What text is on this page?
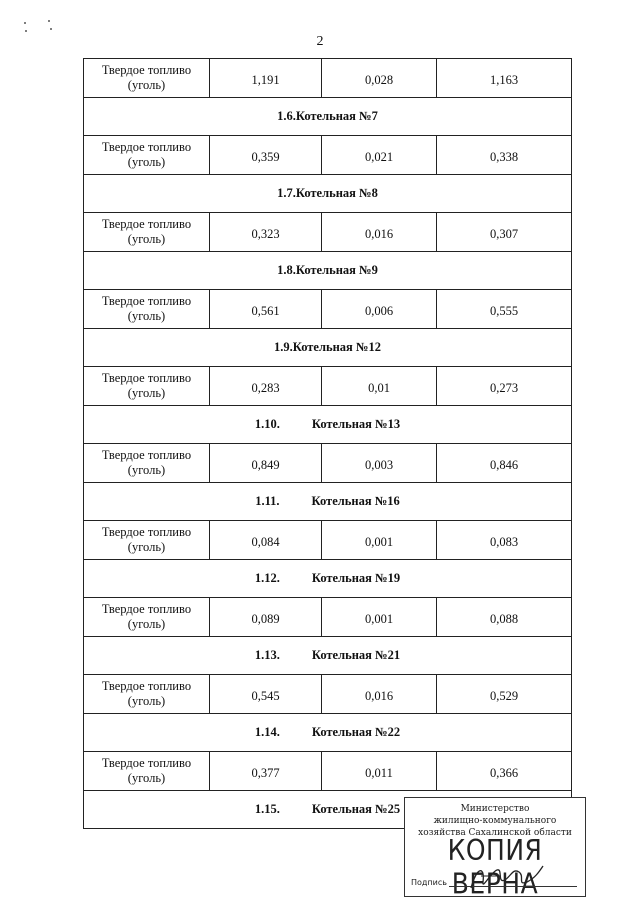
2
Твердое топливо
(уголь)	1,191	0,028	1,163
1.6.Котельная №7			
Твердое топливо
(уголь)	0,359	0,021	0,338
1.7.Котельная №8			
Твердое топливо
(уголь)	0,323	0,016	0,307
1.8.Котельная №9			
Твердое топливо
(уголь)	0,561	0,006	0,555
1.9.Котельная №12			
Твердое топливо
(уголь)	0,283	0,01	0,273
1.10. Котельная №13			
Твердое топливо
(уголь)	0,849	0,003	0,846
1.11. Котельная №16			
Твердое топливо
(уголь)	0,084	0,001	0,083
1.12. Котельная №19			
Твердое топливо
(уголь)	0,089	0,001	0,088
1.13. Котельная №21			
Твердое топливо
(уголь)	0,545	0,016	0,529
1.14. Котельная №22			
Твердое топливо
(уголь)	0,377	0,011	0,366
1.15. Котельная №25				Министерство
жилищно-коммунального
хозяйства Сахалинской области
КОПИЯ ВЕРНА
Подпись
